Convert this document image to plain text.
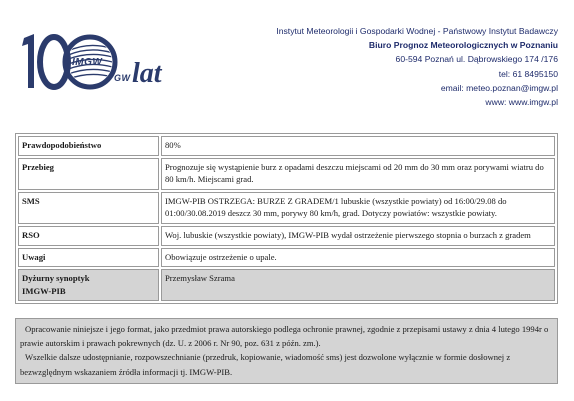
IMGW
GW lat
Instytut Meteorologii i Gospodarki Wodnej - Państwowy Instytut Badawczy
Biuro Prognoz Meteorologicznych w Poznaniu
60-594 Poznań ul. Dąbrowskiego 174 /176
tel: 61 8495150
email: meteo.poznan@imgw.pl
www: www.imgw.pl
Prawdopodobieństwo	80%
Przebieg	Prognozuje się wystąpienie burz z opadami deszczu miejscami od 20 mm do 30 mm oraz porywami wiatru do 80 km/h. Miejscami grad.
SMS	IMGW-PIB OSTRZEGA: BURZE Z GRADEM/1 lubuskie (wszystkie powiaty) od 16:00/29.08 do 01:00/30.08.2019 deszcz 30 mm, porywy 80 km/h, grad. Dotyczy powiatów: wszystkie powiaty.
RSO	Woj. lubuskie (wszystkie powiaty), IMGW-PIB wydał ostrzeżenie pierwszego stopnia o burzach z gradem
Uwagi	Obowiązuje ostrzeżenie o upale.
Dyżurny synoptyk
IMGW-PIB	Przemysław Szrama

Opracowanie niniejsze i jego format, jako przedmiot prawa autorskiego podlega ochronie prawnej, zgodnie z przepisami ustawy z dnia 4 lutego 1994r o prawie autorskim i prawach pokrewnych (dz. U. z 2006 r. Nr 90, poz. 631 z późn. zm.).

Wszelkie dalsze udostępnianie, rozpowszechnianie (przedruk, kopiowanie, wiadomość sms) jest dozwolone wyłącznie w formie dosłownej z bezwzględnym wskazaniem źródła informacji tj. IMGW-PIB.
